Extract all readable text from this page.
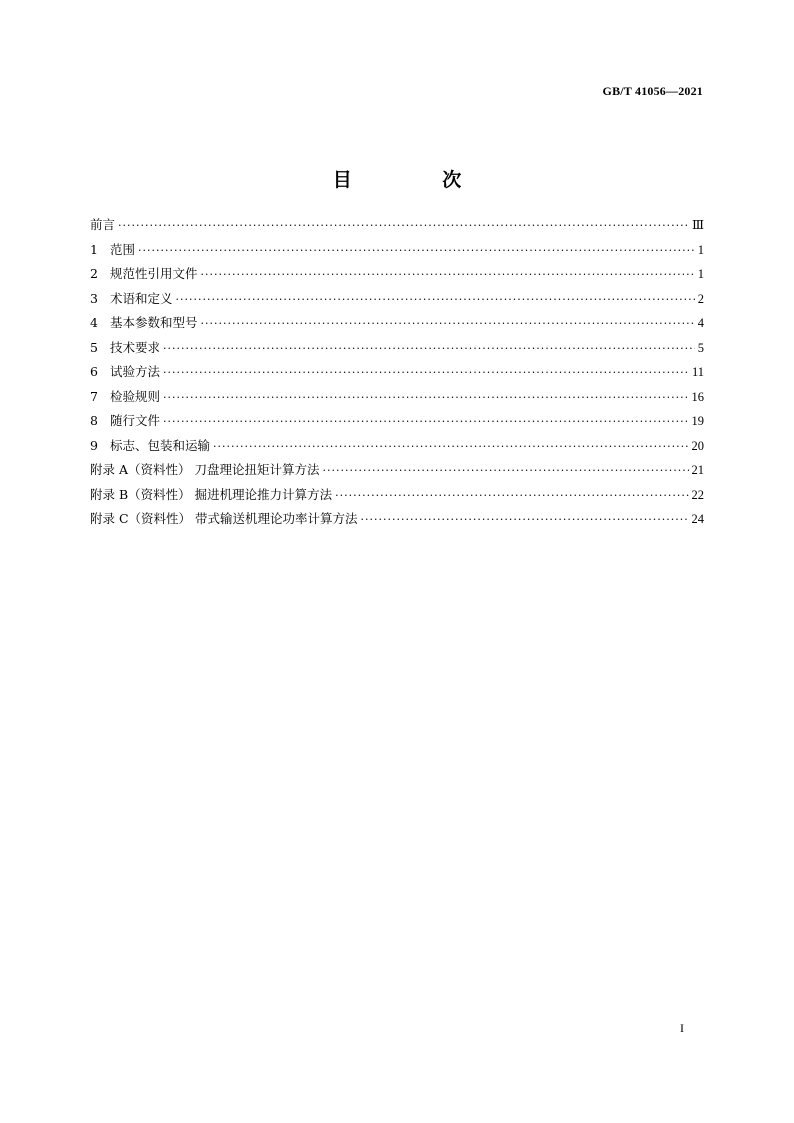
GB/T 41056—2021
目 次
前言 ·····	Ⅲ
1 范围 ·····	1
2 规范性引用文件 ·····	1
3 术语和定义 ·····	2
4 基本参数和型号 ·····	4
5 技术要求 ·····	5
6 试验方法 ·····	11
7 检验规则 ·····	16
8 随行文件 ·····	19
9 标志、包装和运输 ·····	20
附录 A（资料性） 刀盘理论扭矩计算方法 ·····	21
附录 B（资料性） 掘进机理论推力计算方法 ·····	22
附录 C（资料性） 带式输送机理论功率计算方法 ·····	24
I
